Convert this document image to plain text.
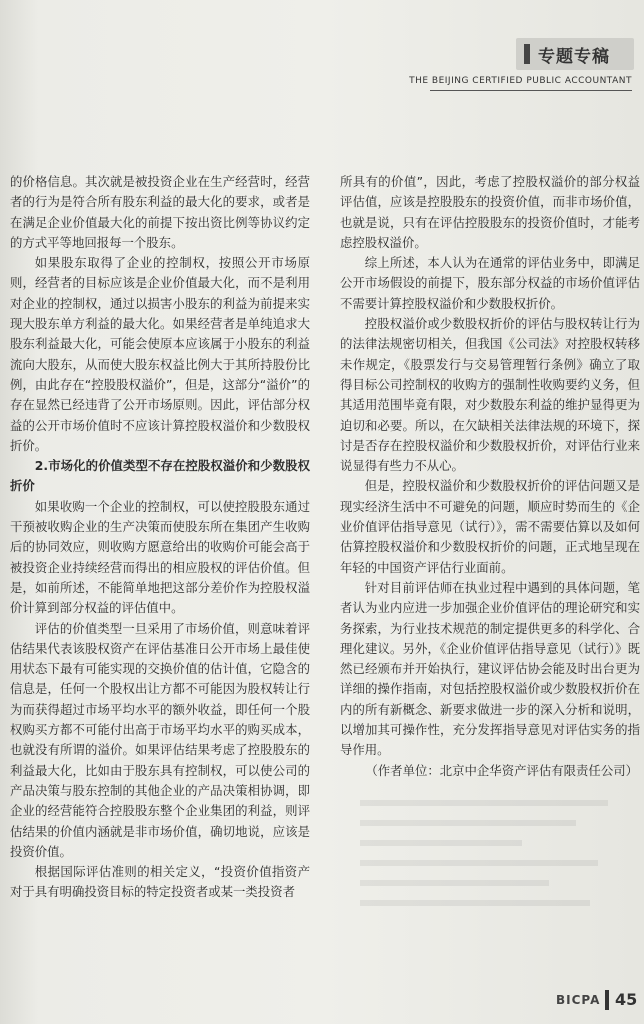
专题专稿
THE BEIJING CERTIFIED PUBLIC ACCOUNTANT

的价格信息。其次就是被投资企业在生产经营时，经营者的行为是符合所有股东利益的最大化的要求，或者是在满足企业价值最大化的前提下按出资比例等协议约定的方式平等地回报每一个股东。

如果股东取得了企业的控制权，按照公开市场原则，经营者的目标应该是企业价值最大化，而不是利用对企业的控制权，通过以损害小股东的利益为前提来实现大股东单方利益的最大化。如果经营者是单纯追求大股东利益最大化，可能会使原本应该属于小股东的利益流向大股东，从而使大股东权益比例大于其所持股份比例，由此存在“控股股权溢价”，但是，这部分“溢价”的存在显然已经违背了公开市场原则。因此，评估部分权益的公开市场价值时不应该计算控股权溢价和少数股权折价。

2.市场化的价值类型不存在控股权溢价和少数股权折价

如果收购一个企业的控制权，可以使控股股东通过干预被收购企业的生产决策而使股东所在集团产生收购后的协同效应，则收购方愿意给出的收购价可能会高于被投资企业持续经营而得出的相应股权的评估价值。但是，如前所述，不能简单地把这部分差价作为控股权溢价计算到部分权益的评估值中。

评估的价值类型一旦采用了市场价值，则意味着评估结果代表该股权资产在评估基准日公开市场上最佳使用状态下最有可能实现的交换价值的估计值，它隐含的信息是，任何一个股权出让方都不可能因为股权转让行为而获得超过市场平均水平的额外收益，即任何一个股权购买方都不可能付出高于市场平均水平的购买成本，也就没有所谓的溢价。如果评估结果考虑了控股股东的利益最大化，比如由于股东具有控制权，可以使公司的产品决策与股东控制的其他企业的产品决策相协调，即企业的经营能符合控股股东整个企业集团的利益，则评估结果的价值内涵就是非市场价值，确切地说，应该是投资价值。

根据国际评估准则的相关定义，“投资价值指资产对于具有明确投资目标的特定投资者或某一类投资者

所具有的价值”，因此，考虑了控股权溢价的部分权益评估值，应该是控股股东的投资价值，而非市场价值，也就是说，只有在评估控股股东的投资价值时，才能考虑控股权溢价。

综上所述，本人认为在通常的评估业务中，即满足公开市场假设的前提下，股东部分权益的市场价值评估不需要计算控股权溢价和少数股权折价。

控股权溢价或少数股权折价的评估与股权转让行为的法律法规密切相关，但我国《公司法》对控股权转移未作规定，《股票发行与交易管理暂行条例》确立了取得目标公司控制权的收购方的强制性收购要约义务，但其适用范围毕竟有限，对少数股东利益的维护显得更为迫切和必要。所以，在欠缺相关法律法规的环境下，探讨是否存在控股权溢价和少数股权折价，对评估行业来说显得有些力不从心。

但是，控股权溢价和少数股权折价的评估问题又是现实经济生活中不可避免的问题，顺应时势而生的《企业价值评估指导意见（试行）》，需不需要估算以及如何估算控股权溢价和少数股权折价的问题，正式地呈现在年轻的中国资产评估行业面前。

针对目前评估师在执业过程中遇到的具体问题，笔者认为业内应进一步加强企业价值评估的理论研究和实务探索，为行业技术规范的制定提供更多的科学化、合理化建议。另外，《企业价值评估指导意见（试行）》既然已经颁布并开始执行，建议评估协会能及时出台更为详细的操作指南，对包括控股权溢价或少数股权折价在内的所有新概念、新要求做进一步的深入分析和说明，以增加其可操作性，充分发挥指导意见对评估实务的指导作用。

（作者单位：北京中企华资产评估有限责任公司）

BICPA 45
